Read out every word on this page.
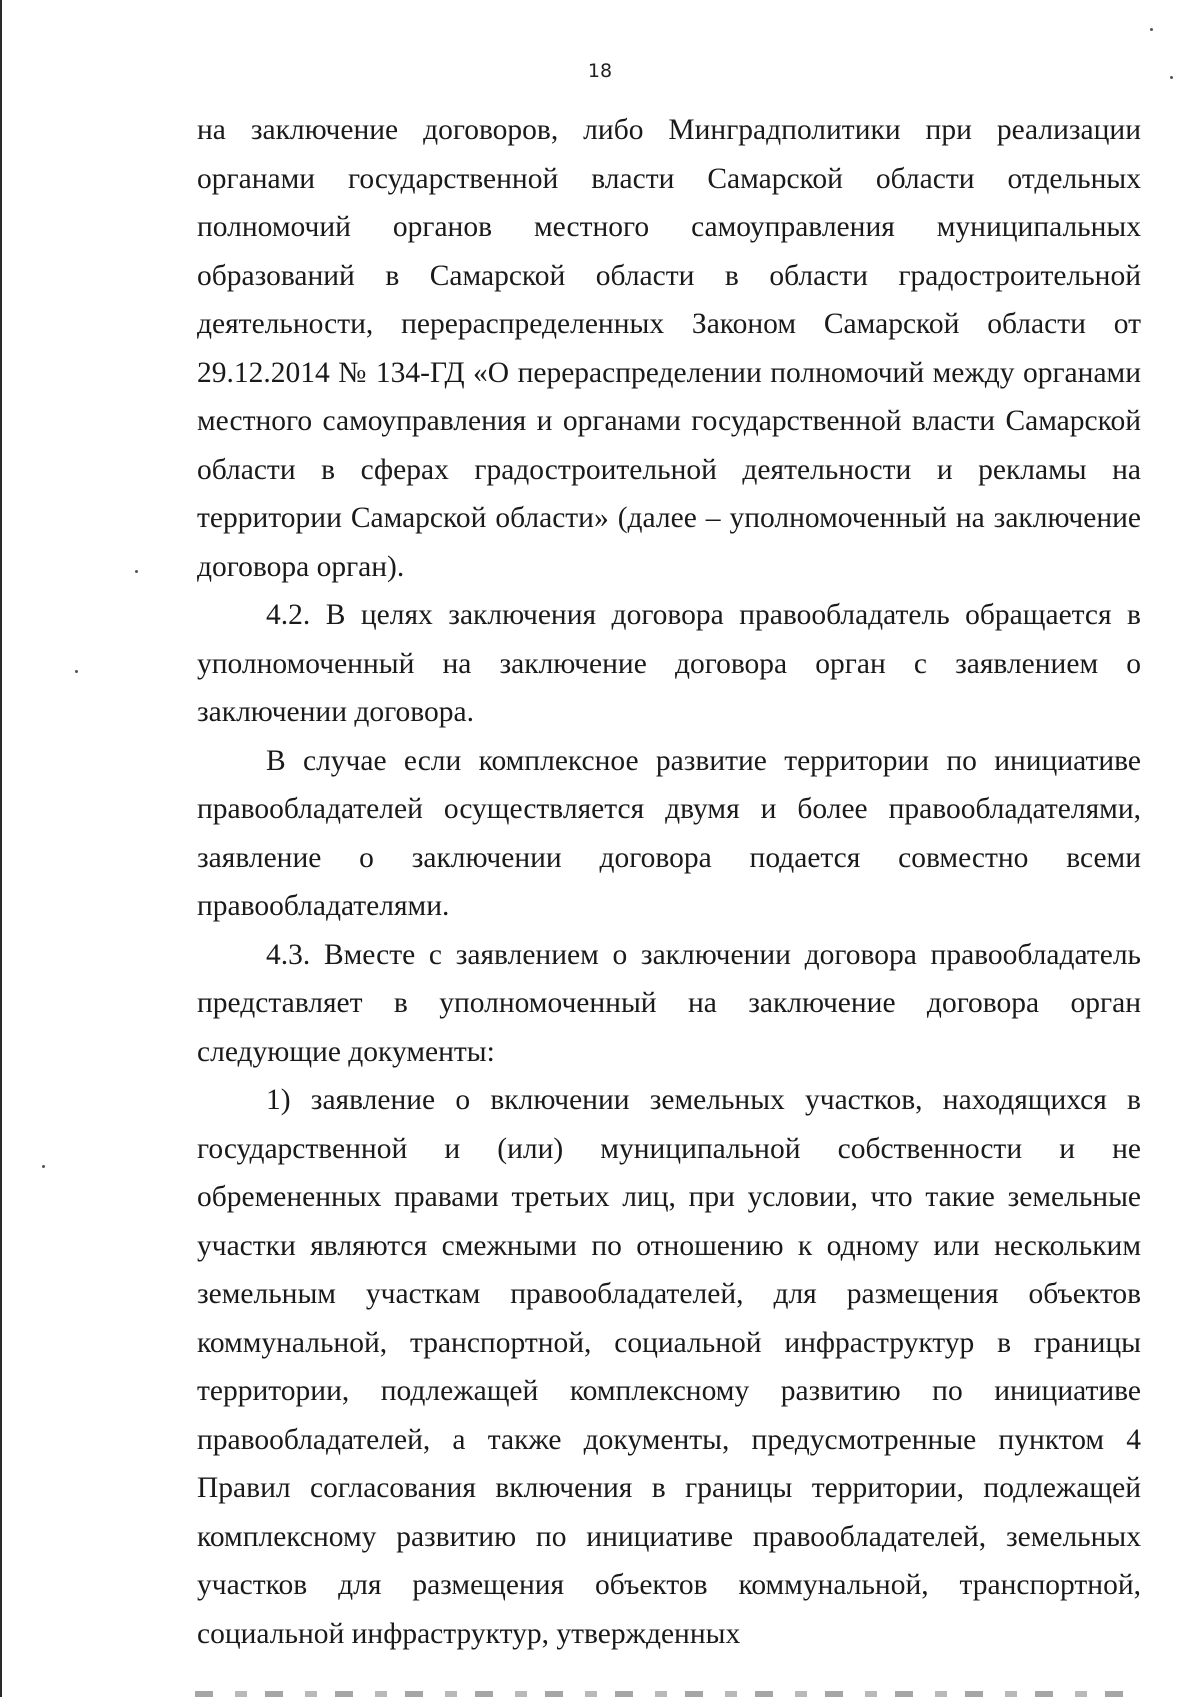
18

на заключение договоров, либо Минградполитики при реализации органами государственной власти Самарской области отдельных полномочий органов местного самоуправления муниципальных образований в Самарской области в области градостроительной деятельности, перераспределенных Законом Самарской области от 29.12.2014 № 134-ГД «О перераспределении полномочий между органами местного самоуправления и органами государственной власти Самарской области в сферах градостроительной деятельности и рекламы на территории Самарской области» (далее – уполномоченный на заключение договора орган).

4.2. В целях заключения договора правообладатель обращается в уполномоченный на заключение договора орган с заявлением о заключении договора.

В случае если комплексное развитие территории по инициативе правообладателей осуществляется двумя и более правообладателями, заявление о заключении договора подается совместно всеми правообладателями.

4.3. Вместе с заявлением о заключении договора правообладатель представляет в уполномоченный на заключение договора орган следующие документы:

1) заявление о включении земельных участков, находящихся в государственной и (или) муниципальной собственности и не обремененных правами третьих лиц, при условии, что такие земельные участки являются смежными по отношению к одному или нескольким земельным участкам правообладателей, для размещения объектов коммунальной, транспортной, социальной инфраструктур в границы территории, подлежащей комплексному развитию по инициативе правообладателей, а также документы, предусмотренные пунктом 4 Правил согласования включения в границы территории, подлежащей комплексному развитию по инициативе правообладателей, земельных участков для размещения объектов коммунальной, транспортной, социальной инфраструктур, утвержденных
